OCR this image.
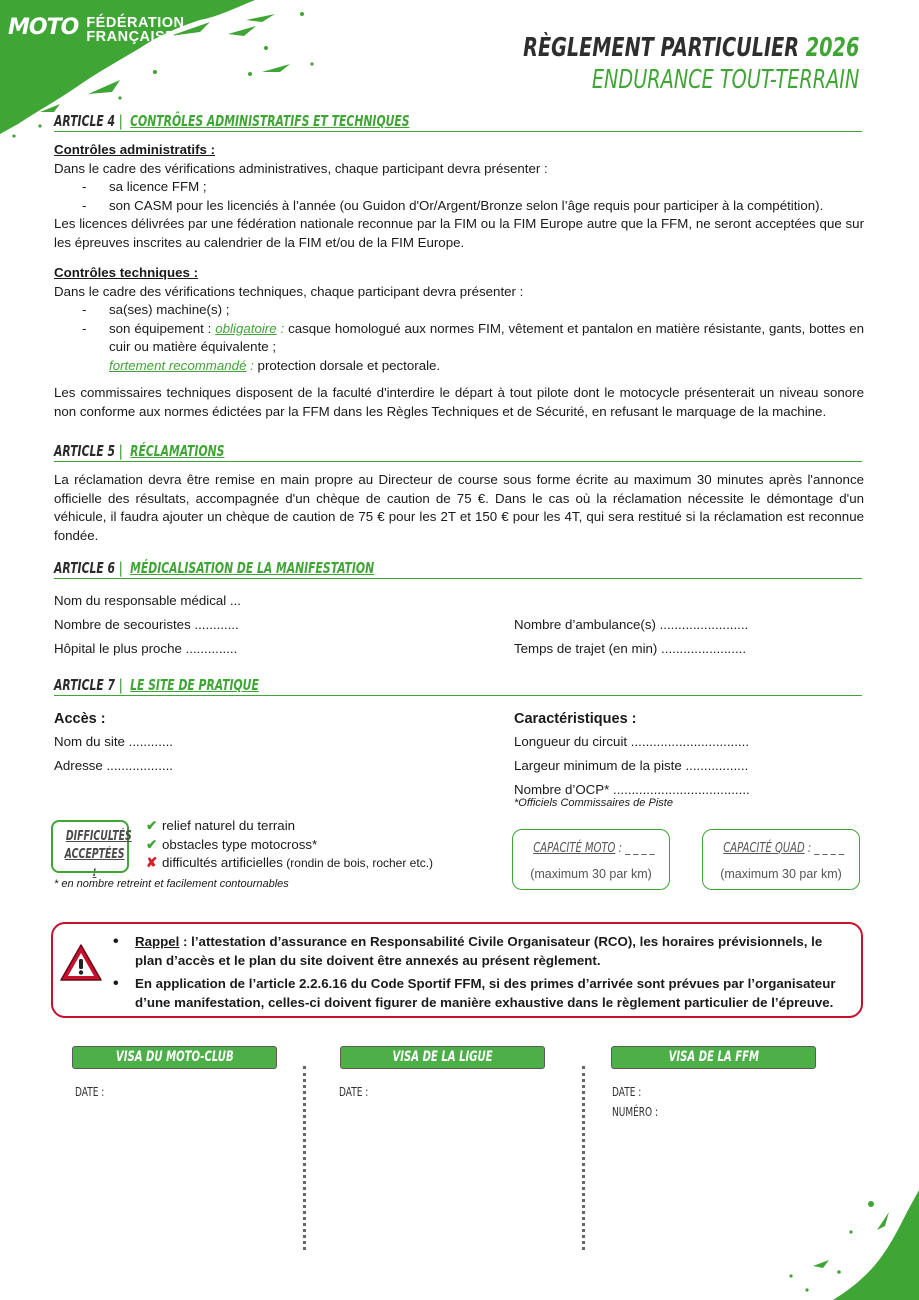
MOTO FÉDÉRATION
FRANÇAISE	RÈGLEMENT PARTICULIER 2026
ENDURANCE TOUT-TERRAIN
ARTICLE 4 | CONTRÔLES ADMINISTRATIFS ET TECHNIQUES
Contrôles administratifs :
Dans le cadre des vérifications administratives, chaque participant devra présenter :
- sa licence FFM ;
- son CASM pour les licenciés à l’année (ou Guidon d'Or/Argent/Bronze selon l’âge requis pour participer à la compétition).
Les licences délivrées par une fédération nationale reconnue par la FIM ou la FIM Europe autre que la FFM, ne seront acceptées que sur les épreuves inscrites au calendrier de la FIM et/ou de la FIM Europe.
Contrôles techniques :
Dans le cadre des vérifications techniques, chaque participant devra présenter :
- sa(ses) machine(s) ;
- son équipement : obligatoire : casque homologué aux normes FIM, vêtement et pantalon en matière résistante, gants, bottes en cuir ou matière équivalente ;
fortement recommandé : protection dorsale et pectorale.
Les commissaires techniques disposent de la faculté d'interdire le départ à tout pilote dont le motocycle présenterait un niveau sonore non conforme aux normes édictées par la FFM dans les Règles Techniques et de Sécurité, en refusant le marquage de la machine.
ARTICLE 5 | RÉCLAMATIONS
La réclamation devra être remise en main propre au Directeur de course sous forme écrite au maximum 30 minutes après l'annonce officielle des résultats, accompagnée d'un chèque de caution de 75 €. Dans le cas où la réclamation nécessite le démontage d'un véhicule, il faudra ajouter un chèque de caution de 75 € pour les 2T et 150 € pour les 4T, qui sera restitué si la réclamation est reconnue fondée.
ARTICLE 6 | MÉDICALISATION DE LA MANIFESTATION
Nom du responsable médical ...
Nombre de secouristes ............	Nombre d’ambulance(s) ........................
Hôpital le plus proche ..............	Temps de trajet (en min) .......................
ARTICLE 7 | LE SITE DE PRATIQUE
Accès :
Nom du site ............
Adresse ..................
Caractéristiques :
Longueur du circuit ................................
Largeur minimum de la piste .................
Nombre d’OCP* .....................................
*Officiels Commissaires de Piste
DIFFICULTÉS
ACCEPTÉES :
✔ relief naturel du terrain
✔ obstacles type motocross*
✘ difficultés artificielles (rondin de bois, rocher etc.)
* en nombre retreint et facilement contournables
CAPACITÉ MOTO : _ _ _ _
(maximum 30 par km)
CAPACITÉ QUAD : _ _ _ _
(maximum 30 par km)
• Rappel : l’attestation d’assurance en Responsabilité Civile Organisateur (RCO), les horaires prévisionnels, le plan d’accès et le plan du site doivent être annexés au présent règlement.
• En application de l’article 2.2.6.16 du Code Sportif FFM, si des primes d’arrivée sont prévues par l’organisateur d’une manifestation, celles-ci doivent figurer de manière exhaustive dans le règlement particulier de l’épreuve.
VISA DU MOTO-CLUB
DATE :
VISA DE LA LIGUE
DATE :
VISA DE LA FFM
DATE :
NUMÉRO :
